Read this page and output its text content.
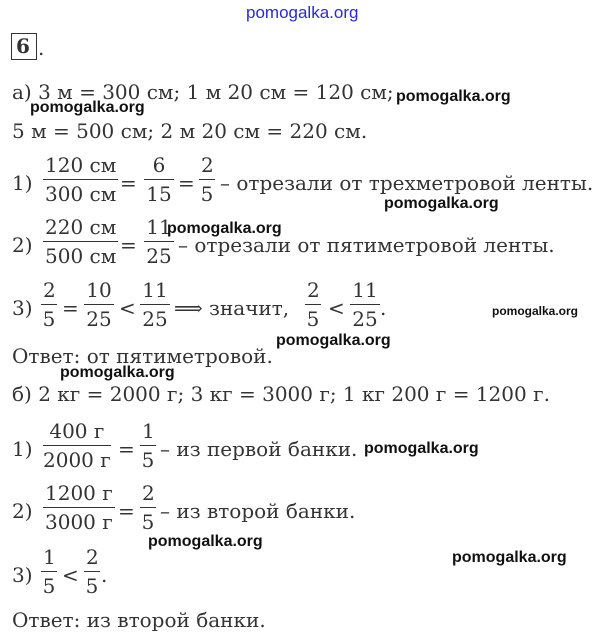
pomogalka.org
6 .
а) 3 м = 300 см; 1 м 20 см = 120 см;
5 м = 500 см; 2 м 20 см = 220 см.
1)
120 см
300 см = $\frac{6}{15} = \frac{2}{5}$ – отрезали от трехметровой ленты.
2)
220 см
500 см = $\frac{11}{25}$ – отрезали от пятиметровой ленты.
$3) \frac{2}{5} = \frac{10}{25} < \frac{11}{25}$ ⟹ значит, $\frac{2}{5} < \frac{11}{25}$ .
Ответ: от пятиметровой.
б) 2 кг = 2000 г; 3 кг = 3000 г; 1 кг 200 г = 1200 г.
1)
400 г
2000 $г = \frac{1}{5}$ – из первой банки.
2)
1200 г
3000 $г = \frac{2}{5}$ – из второй банки.
$3) \frac{1}{5} < \frac{2}{5}$ .
Ответ: из второй банки.
pomogalka.org
pomogalka.org
pomogalka.org
pomogalka.org
pomogalka.org
pomogalka.org
pomogalka.org
pomogalka.org
pomogalka.org
pomogalka.org
